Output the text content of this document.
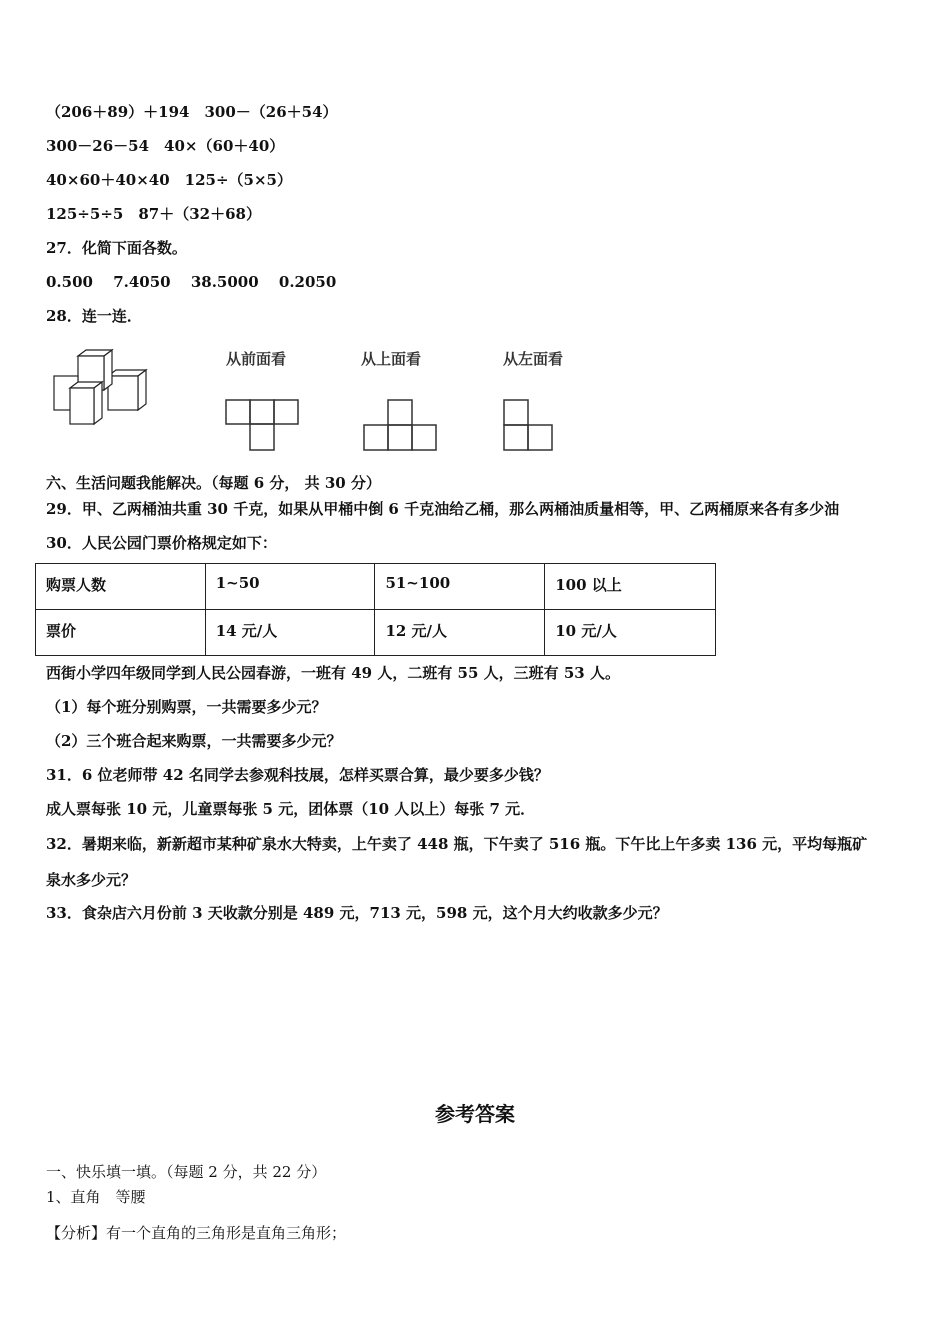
（206＋89）＋194　300－（26＋54）
300－26－54　40×（60＋40）
40×60＋40×40　125÷（5×5）
125÷5÷5　87＋（32＋68）
27．化简下面各数。
0.500　 7.4050　 38.5000　 0.2050
28．连一连．
从前面看	从上面看	从左面看
六、生活问题我能解决。（每题 6 分， 共 30 分）
29．甲、乙两桶油共重 30 千克，如果从甲桶中倒 6 千克油给乙桶，那么两桶油质量相等，甲、乙两桶原来各有多少油
30．人民公园门票价格规定如下：
购票人数	1~50	51~100	100 以上
票价	14 元/人	12 元/人	10 元/人
西街小学四年级同学到人民公园春游，一班有 49 人，二班有 55 人，三班有 53 人。
（1）每个班分别购票，一共需要多少元？
（2）三个班合起来购票，一共需要多少元？
31．6 位老师带 42 名同学去参观科技展，怎样买票合算，最少要多少钱？
成人票每张 10 元，儿童票每张 5 元，团体票（10 人以上）每张 7 元．
32．暑期来临，新新超市某种矿泉水大特卖，上午卖了 448 瓶，下午卖了 516 瓶。下午比上午多卖 136 元，平均每瓶矿
泉水多少元？
33．食杂店六月份前 3 天收款分别是 489 元，713 元，598 元，这个月大约收款多少元？
参考答案
一、快乐填一填。（每题 2 分，共 22 分）
1、直角　等腰
【分析】有一个直角的三角形是直角三角形；
